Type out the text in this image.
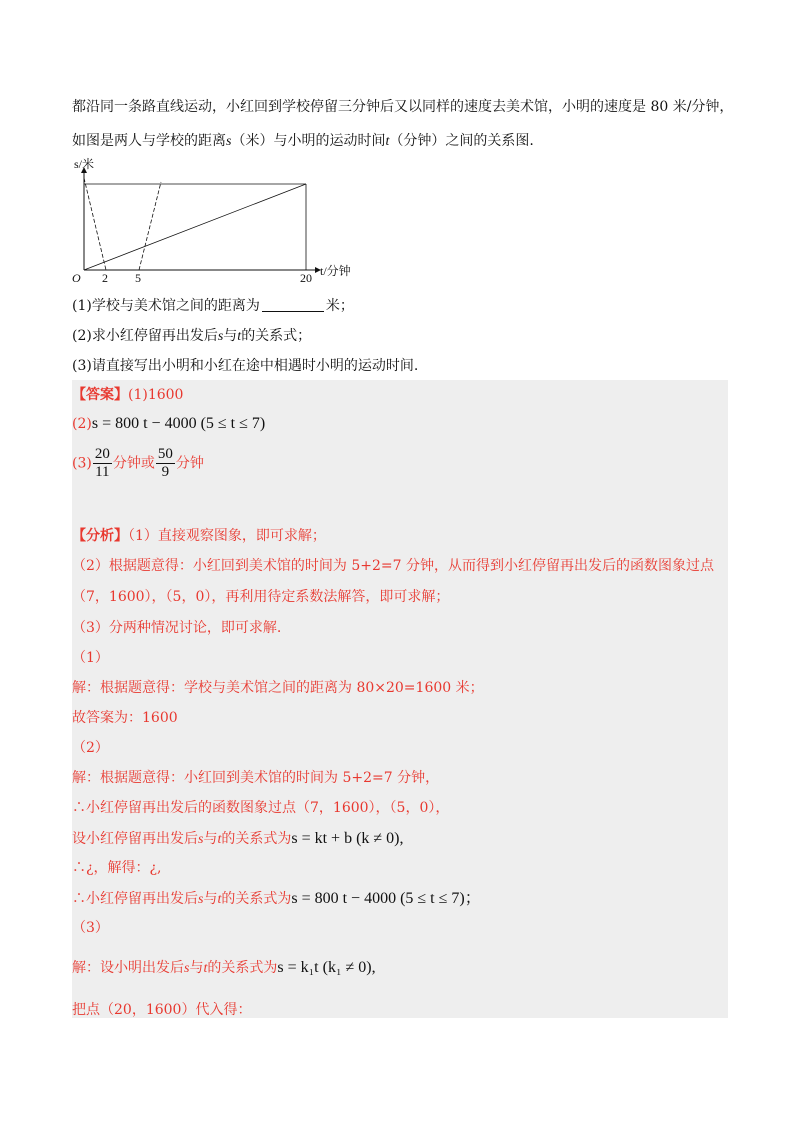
都沿同一条路直线运动，小红回到学校停留三分钟后又以同样的速度去美术馆，小明的速度是 80 米/分钟，
如图是两人与学校的距离s（米）与小明的运动时间t（分钟）之间的关系图.
s/米
t/分钟
O 2 5	20
(1)学校与美术馆之间的距离为	米；
(2)求小红停留再出发后s与t的关系式；
(3)请直接写出小明和小红在途中相遇时小明的运动时间.
【答案】(1)1600
(2)s = 800 t − 4000 (5 ≤ t ≤ 7)
$(3) \frac{20}{11}$ 分钟或 $\frac{50}{9}$ 分钟
【分析】（1）直接观察图象，即可求解；
（2）根据题意得：小红回到美术馆的时间为 5+2=7 分钟，从而得到小红停留再出发后的函数图象过点
（7，1600），（5，0），再利用待定系数法解答，即可求解；
（3）分两种情况讨论，即可求解.
（1）
解：根据题意得：学校与美术馆之间的距离为 80×20=1600 米；
故答案为：1600
（2）
解：根据题意得：小红回到美术馆的时间为 5+2=7 分钟，
∴小红停留再出发后的函数图象过点（7，1600），（5，0），
设小红停留再出发后s与t的关系式为s = kt + b (k ≠ 0),
∴¿，解得：¿,
∴小红停留再出发后s与t的关系式为s = 800 t − 4000 (5 ≤ t ≤ 7)；
（3）
解：设小明出发后s与t的关系式为s = k₁t (k₁ ≠ 0),
把点（20，1600）代入得：
